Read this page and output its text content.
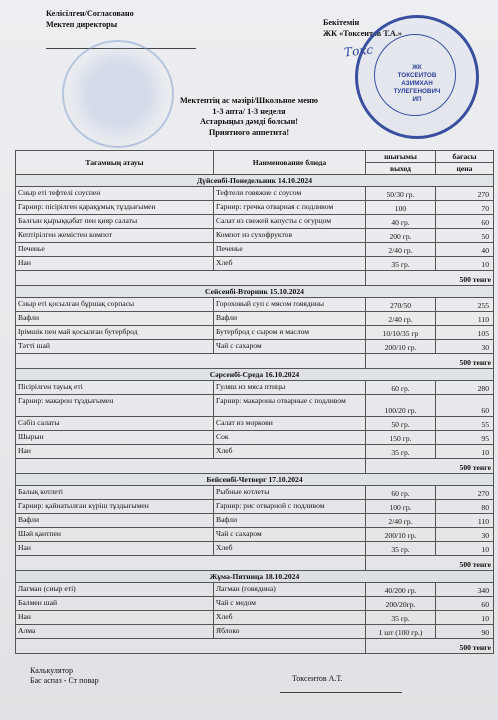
Келісілген/Согласовано
Мектеп директоры	Бекітемін
ЖК «Токсеитов Т.А.»
Токс
ЖК
ТОКСЕИТОВ
АЗИМХАН
ТУЛЕГЕНОВИЧ
ИП
Мектептің ас мәзірі/Школьное меню
1-3 апта/ 1-3 неделя
Астарыңыз дәмді болсын!
Приятного аппетита!
Тағамның атауы	Наименование блюда	шығымы	бағасы
		выход	цена
Дүйсенбі-Понедельник 14.10.2024			
Сиыр еті тефтелі соуспен	Тефтели говяжие с соусом	50/30 гр.	270
Гарнир: пісірілген қарақұмық тұздығымен	Гарнир: гречка отварная с подливом	100	70
Балғын қырыққабат пен қияр салаты	Салат из свежей капусты с огурцом	40 гр.	60
Кептірілген жемістен компот	Компот из сухофруктов	200 гр.	50
Печенье	Печенье	2/40 гр.	40
Нан	Хлеб	35 гр.	10
		500 тенге	
Сейсенбі-Вторник 15.10.2024			
Сиыр еті қосылған бұршақ сорпасы	Гороховый суп с мясом говядины	270/50	255
Вафли	Вафли	2/40 гр.	110
Ірімшік пен май қосылған бутерброд	Бутерброд с сыром и маслом	10/10/35 гр	105
Тәтті шай	Чай с сахаром	200/10 гр.	30
		500 тенге	
Сәрсенбі-Среда 16.10.2024			
Пісірілген тауық еті	Гуляш из мяса птицы	60 гр.	280
Гарнир: макарон тұздығымен	Гарнир: макароны отварные с подливом	100/20 гр.	60
Сәбіз салаты	Салат из моркови	50 гр.	55
Шырын	Сок	150 гр.	95
Нан	Хлеб	35 гр.	10
		500 тенге	
Бейсенбі-Четверг 17.10.2024			
Балық котлеті	Рыбные котлеты	60 гр.	270
Гарнир: қайнатылған күріш тұздығымен	Гарнир: рис отварной с подливом	100 гр.	80
Вафли	Вафли	2/40 гр.	110
Шәй қантпен	Чай с сахаром	200/10 гр.	30
Нан	Хлеб	35 гр.	10
		500 тенге	
Жұма-Пятница 18.10.2024			
Лагман (сиыр еті)	Лагман (говядина)	40/200 гр.	340
Балмен шай	Чай с медом	200/20гр.	60
Нан	Хлеб	35 гр.	10
Алма	Яблоко	1 шт (100 гр.)	90
		500 тенге	
Калькулятор
Бас аспаз - Ст повар	Токсеитов А.Т.
